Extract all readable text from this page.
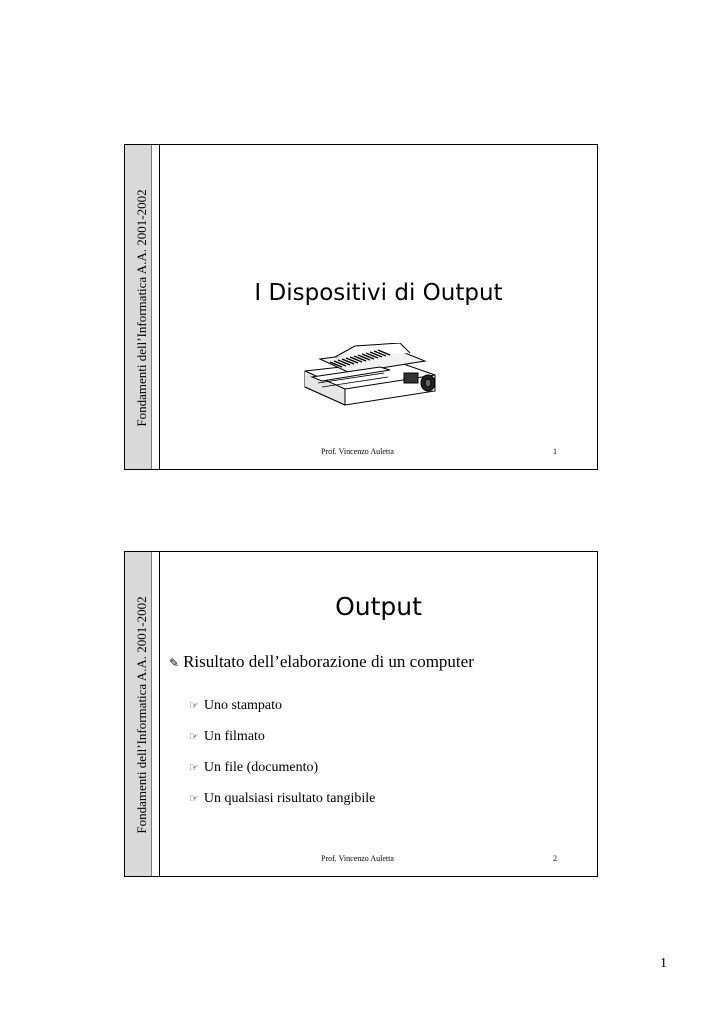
Fondamenti dell’Informatica A.A. 2001-2002	I Dispositivi di Output
Prof. Vincenzo Auletta	1
Fondamenti dell’Informatica A.A. 2001-2002	Output
✎ Risultato dell’elaborazione di un computer
☞ Uno stampato
☞ Un filmato
☞ Un file (documento)
☞ Un qualsiasi risultato tangibile
Prof. Vincenzo Auletta	2
1
